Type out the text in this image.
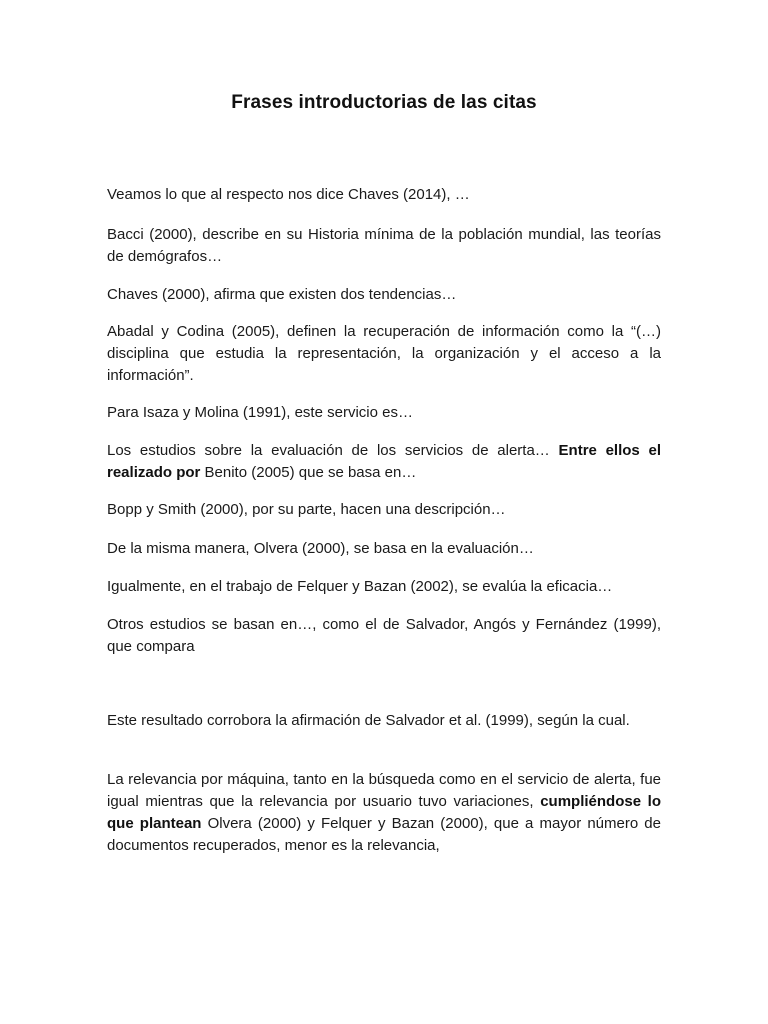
Frases introductorias de las citas

Veamos lo que al respecto nos dice Chaves (2014), …

Bacci (2000), describe en su Historia mínima de la población mundial, las teorías de demógrafos…

Chaves (2000), afirma que existen dos tendencias…

Abadal y Codina (2005), definen la recuperación de información como la “(…) disciplina que estudia la representación, la organización y el acceso a la información”.

Para Isaza y Molina (1991), este servicio es…

Los estudios sobre la evaluación de los servicios de alerta… Entre ellos el realizado por Benito (2005) que se basa en…

Bopp y Smith (2000), por su parte, hacen una descripción…

De la misma manera, Olvera (2000), se basa en la evaluación…

Igualmente, en el trabajo de Felquer y Bazan (2002), se evalúa la eficacia…

Otros estudios se basan en…, como el de Salvador, Angós y Fernández (1999), que compara

Este resultado corrobora la afirmación de Salvador et al. (1999), según la cual.

La relevancia por máquina, tanto en la búsqueda como en el servicio de alerta, fue igual mientras que la relevancia por usuario tuvo variaciones, cumpliéndose lo que plantean Olvera (2000) y Felquer y Bazan (2000), que a mayor número de documentos recuperados, menor es la relevancia,
